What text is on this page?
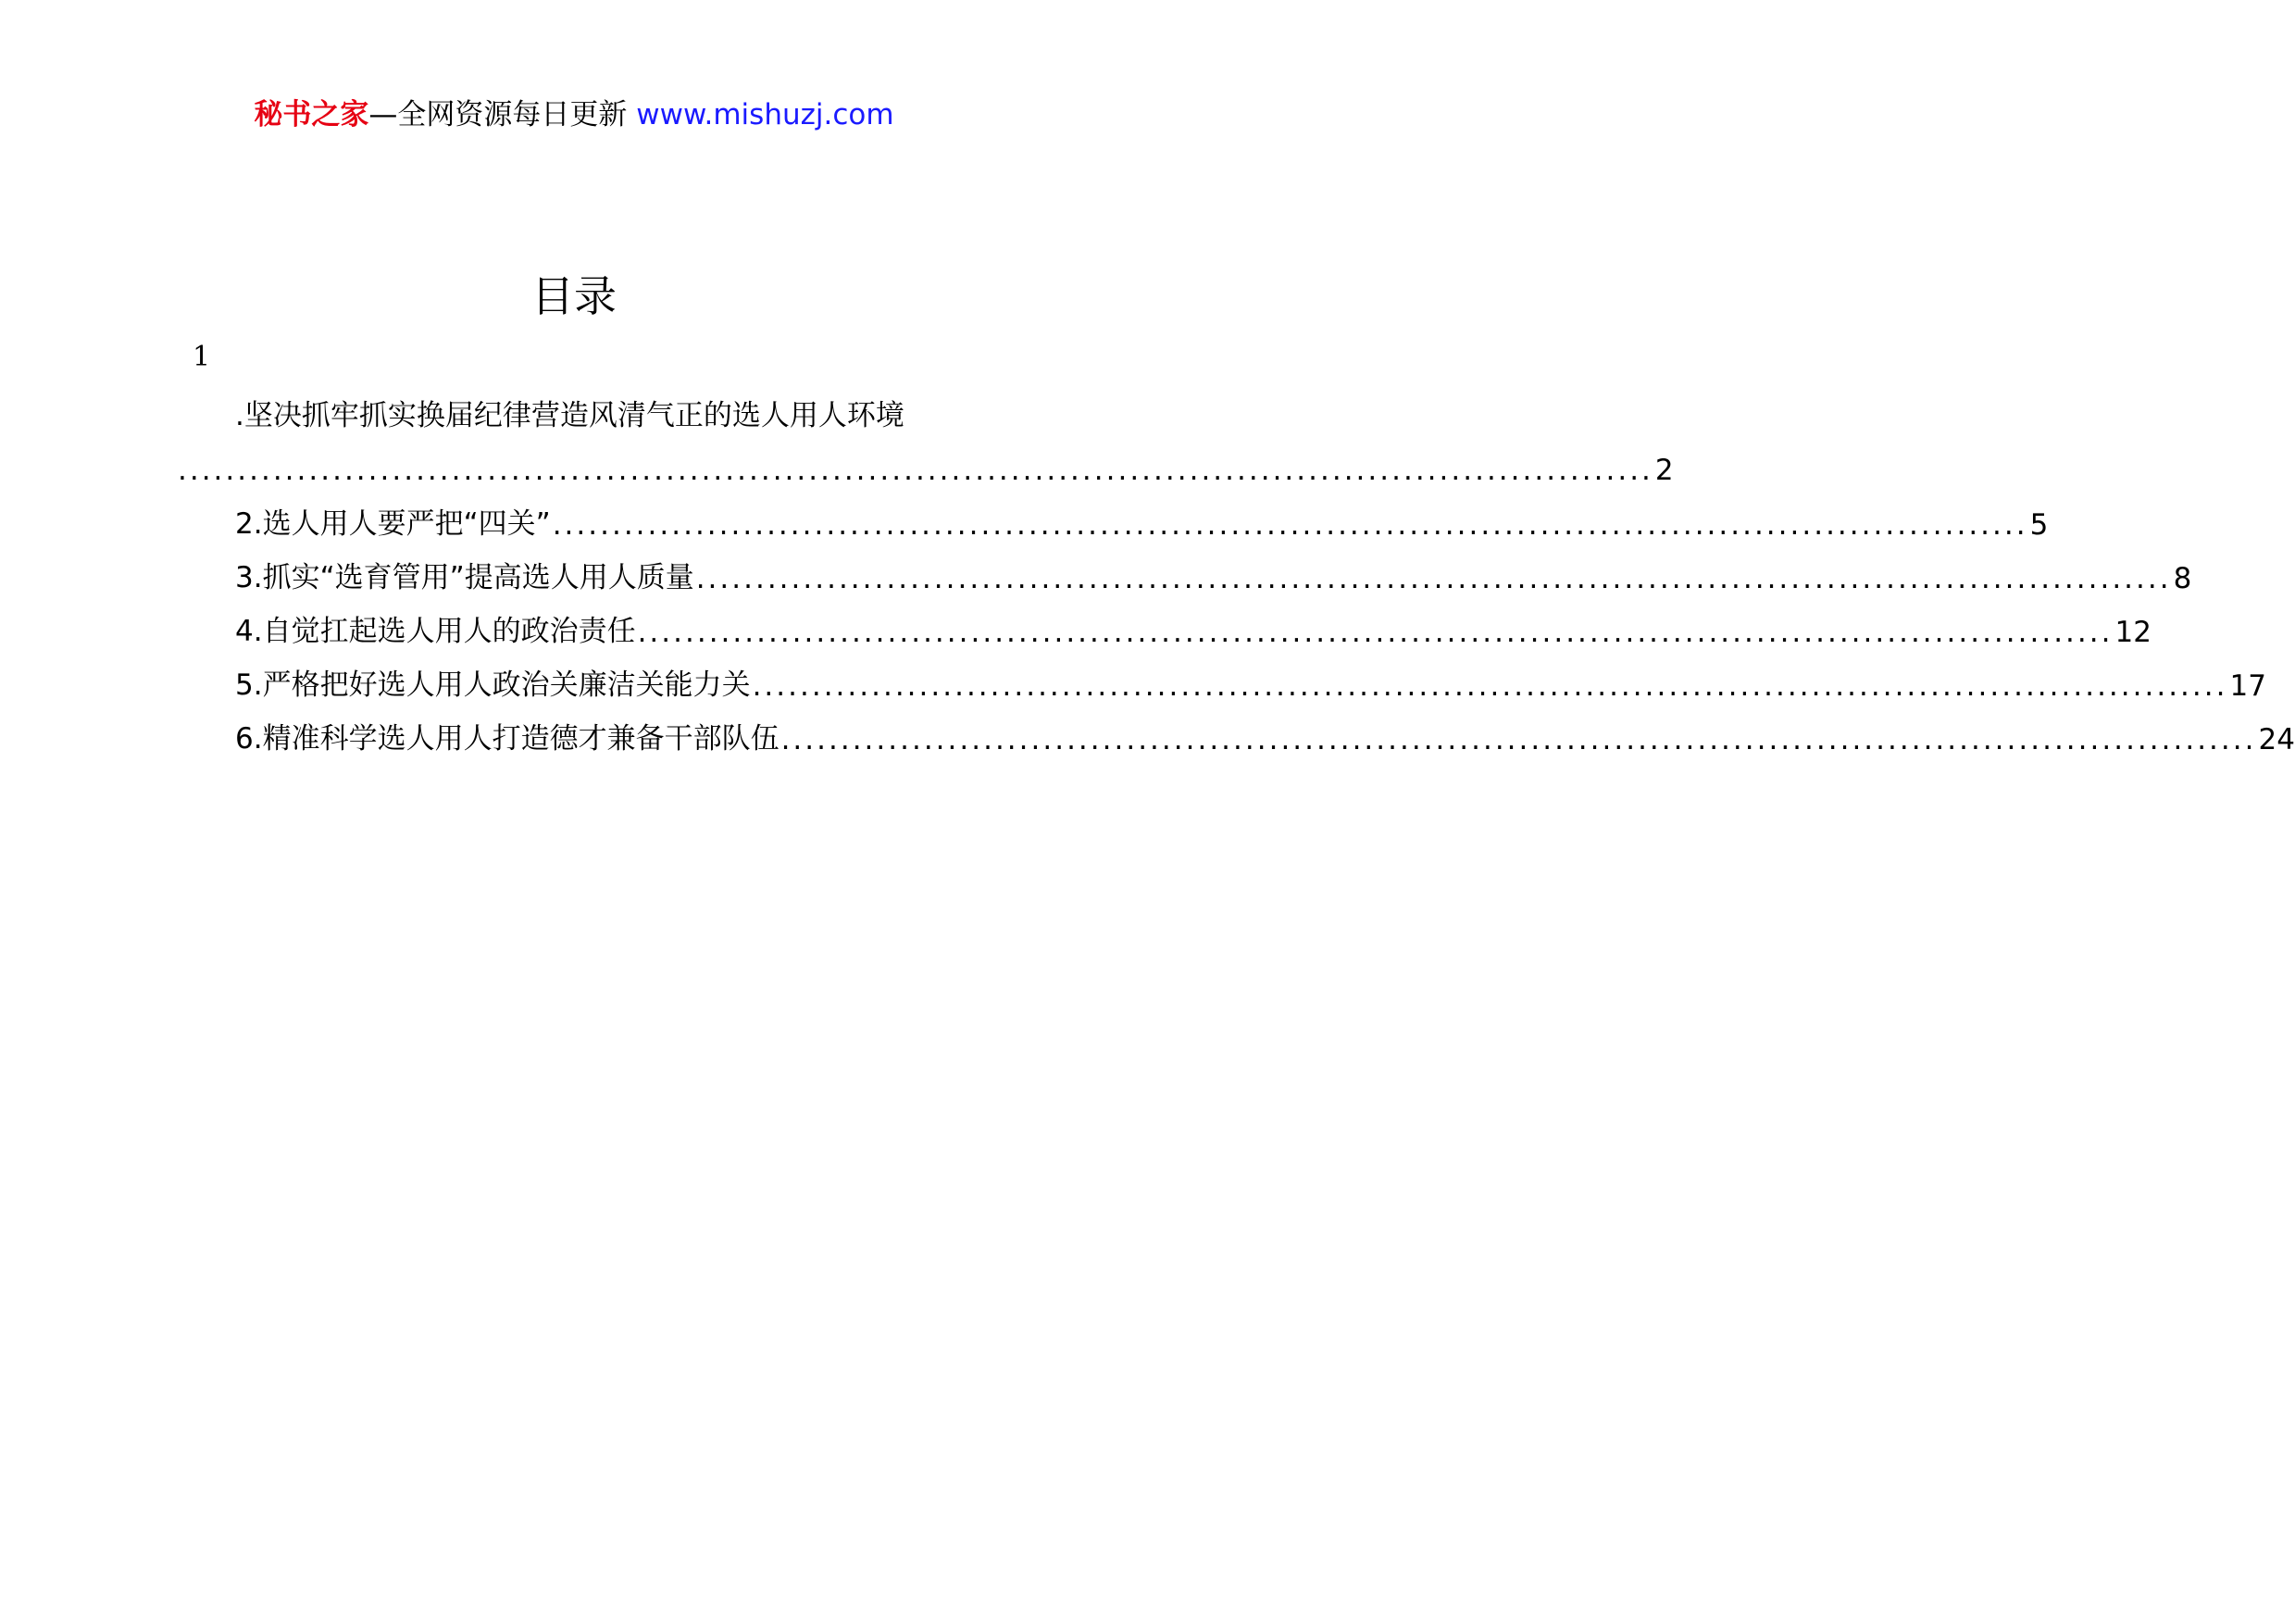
秘书之家—全网资源每日更新 www.mishuzj.com
目录
1
.坚决抓牢抓实换届纪律营造风清气正的选人用人环境
............................................................................................................................ 2
2.选人用人要严把“四关” ............................................................................................................................ 5
3.抓实“选育管用”提高选人用人质量 ............................................................................................................................ 8
4.自觉扛起选人用人的政治责任 ............................................................................................................................ 12
5.严格把好选人用人政治关廉洁关能力关 ............................................................................................................................ 17
6.精准科学选人用人打造德才兼备干部队伍 ............................................................................................................................ 24
